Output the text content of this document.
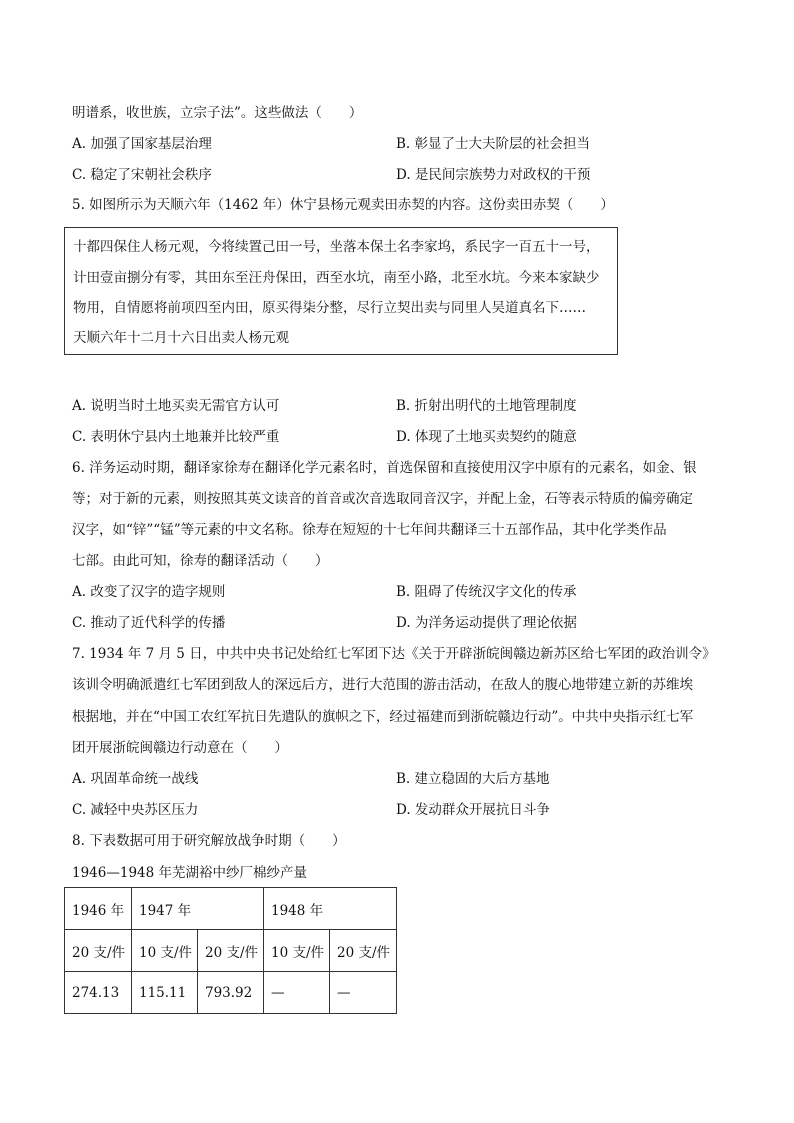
明谱系，收世族，立宗子法”。这些做法（　　）
A. 加强了国家基层治理	B. 彰显了士大夫阶层的社会担当
C. 稳定了宋朝社会秩序	D. 是民间宗族势力对政权的干预
5. 如图所示为天顺六年（1462 年）休宁县杨元观卖田赤契的内容。这份卖田赤契（　　）
十都四保住人杨元观，今将续置己田一号，坐落本保土名李家坞，系民字一百五十一号，
计田壹亩捌分有零，其田东至汪舟保田，西至水坑，南至小路，北至水坑。今来本家缺少
物用，自情愿将前项四至内田，原买得柒分整，尽行立契出卖与同里人吴道真名下……
天顺六年十二月十六日出卖人杨元观
A. 说明当时土地买卖无需官方认可	B. 折射出明代的土地管理制度
C. 表明休宁县内土地兼并比较严重	D. 体现了土地买卖契约的随意
6. 洋务运动时期，翻译家徐寿在翻译化学元素名时，首选保留和直接使用汉字中原有的元素名，如金、银
等；对于新的元素，则按照其英文读音的首音或次音选取同音汉字，并配上金，石等表示特质的偏旁确定
汉字，如“锌”“锰”等元素的中文名称。徐寿在短短的十七年间共翻译三十五部作品，其中化学类作品
七部。由此可知，徐寿的翻译活动（　　）
A. 改变了汉字的造字规则	B. 阻碍了传统汉字文化的传承
C. 推动了近代科学的传播	D. 为洋务运动提供了理论依据
7. 1934 年 7 月 5 日，中共中央书记处给红七军团下达《关于开辟浙皖闽赣边新苏区给七军团的政治训令》
该训令明确派遣红七军团到敌人的深远后方，进行大范围的游击活动，在敌人的腹心地带建立新的苏维埃
根据地，并在“中国工农红军抗日先遣队的旗帜之下，经过福建而到浙皖赣边行动”。中共中央指示红七军
团开展浙皖闽赣边行动意在（　　）
A. 巩固革命统一战线	B. 建立稳固的大后方基地
C. 减轻中央苏区压力	D. 发动群众开展抗日斗争
8. 下表数据可用于研究解放战争时期（　　）
1946—1948 年芜湖裕中纱厂棉纱产量
1946 年	1947 年		1948 年	
20 支/件	10 支/件	20 支/件	10 支/件	20 支/件
274.13	115.11	793.92	—	—
